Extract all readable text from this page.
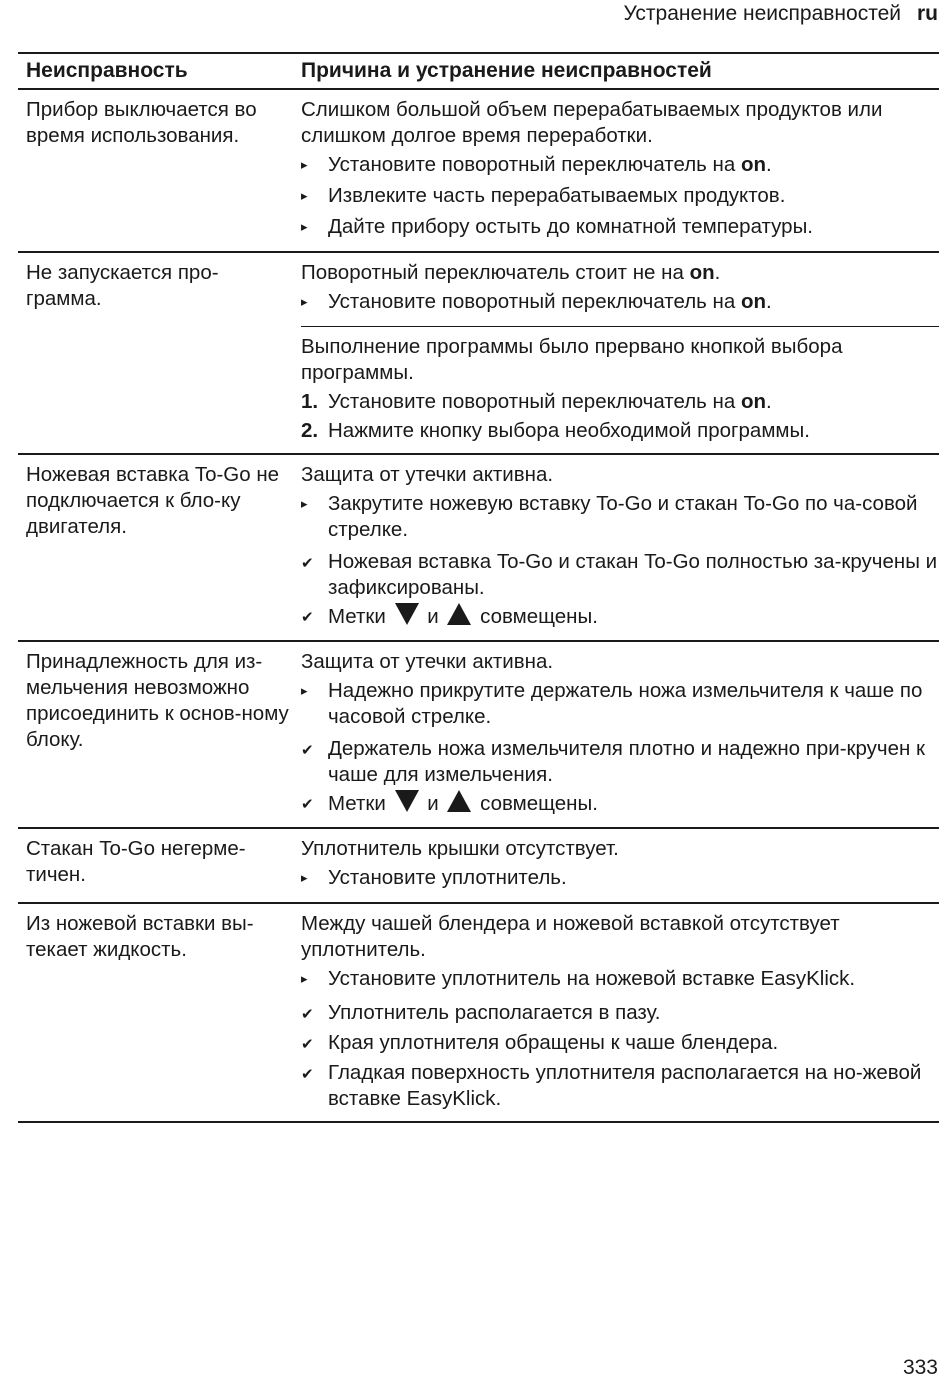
Устранение неисправностей ru
Неисправность	Причина и устранение неисправностей
Прибор выключается во время использования.
Слишком большой объем перерабатываемых продуктов или слишком долгое время переработки.
▸
Установите поворотный переключатель на on.
▸
Извлеките часть перерабатываемых продуктов.
▸
Дайте прибору остыть до комнатной температуры.
Не запускается про-грамма.
Поворотный переключатель стоит не на on.
▸
Установите поворотный переключатель на on.
Выполнение программы было прервано кнопкой выбора программы.
1. Установите поворотный переключатель на on.
2. Нажмите кнопку выбора необходимой программы.
Ножевая вставка To-Go не подключается к бло-ку двигателя.
Защита от утечки активна.
▸
Закрутите ножевую вставку To-Go и стакан To-Go по ча-совой стрелке.
✔
Ножевая вставка To-Go и стакан To-Go полностью за-кручены и зафиксированы.
✔
Метки и совмещены.
Принадлежность для из-мельчения невозможно присоединить к основ-ному блоку.
Защита от утечки активна.
▸
Надежно прикрутите держатель ножа измельчителя к чаше по часовой стрелке.
✔
Держатель ножа измельчителя плотно и надежно при-кручен к чаше для измельчения.
✔
Метки и совмещены.
Стакан To-Go негерме-тичен.
Уплотнитель крышки отсутствует.
▸
Установите уплотнитель.
Из ножевой вставки вы-текает жидкость.
Между чашей блендера и ножевой вставкой отсутствует уплотнитель.
▸
Установите уплотнитель на ножевой вставке EasyKlick.
✔
Уплотнитель располагается в пазу.
✔
Края уплотнителя обращены к чаше блендера.
✔
Гладкая поверхность уплотнителя располагается на но-жевой вставке EasyKlick.
333
